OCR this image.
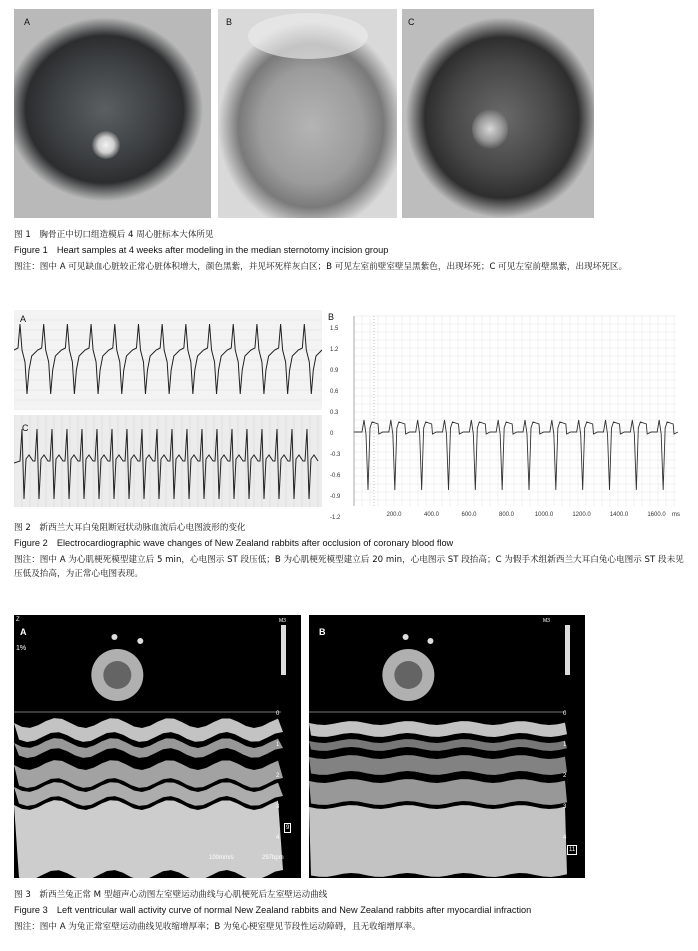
A	B	C
图 1　胸骨正中切口组造模后 4 周心脏标本大体所见
Figure 1　Heart samples at 4 weeks after modeling in the median sternotomy incision group
图注：图中 A 可见缺血心脏较正常心脏体积增大，颜色黑紫，并见坏死样灰白区；B 可见左室前壁室壁呈黑紫色，出现坏死；C 可见左室前壁黑紫，出现坏死区。
A
C
1.5
1.2
0.9
0.6
0.3
0
-0.3
-0.6
-0.9
-1.2	200.0	400.0	600.0	800.0	1000.0	1200.0	1400.0	1600.0 ms
B
图 2　新西兰大耳白兔阻断冠状动脉血流后心电图波形的变化
Figure 2　Electrocardiographic wave changes of New Zealand rabbits after occlusion of coronary blood flow
图注：图中 A 为心肌梗死模型建立后 5 min，心电图示 ST 段压低；B 为心肌梗死模型建立后 20 min，心电图示 ST 段抬高；C 为假手术组新西兰大耳白兔心电图示 ST 段未见压低及抬高，为正常心电图表现。
0
1
2
3
4
A
Z
1%
M3
9
100mm/s	297bpm
0
1
2
3
4
B
M3
11
图 3　新西兰兔正常 M 型超声心动图左室壁运动曲线与心肌梗死后左室壁运动曲线
Figure 3　Left ventricular wall activity curve of normal New Zealand rabbits and New Zealand rabbits after myocardial infraction
图注：图中 A 为兔正常室壁运动曲线见收缩增厚率；B 为兔心梗室壁见节段性运动障碍，且无收缩增厚率。
